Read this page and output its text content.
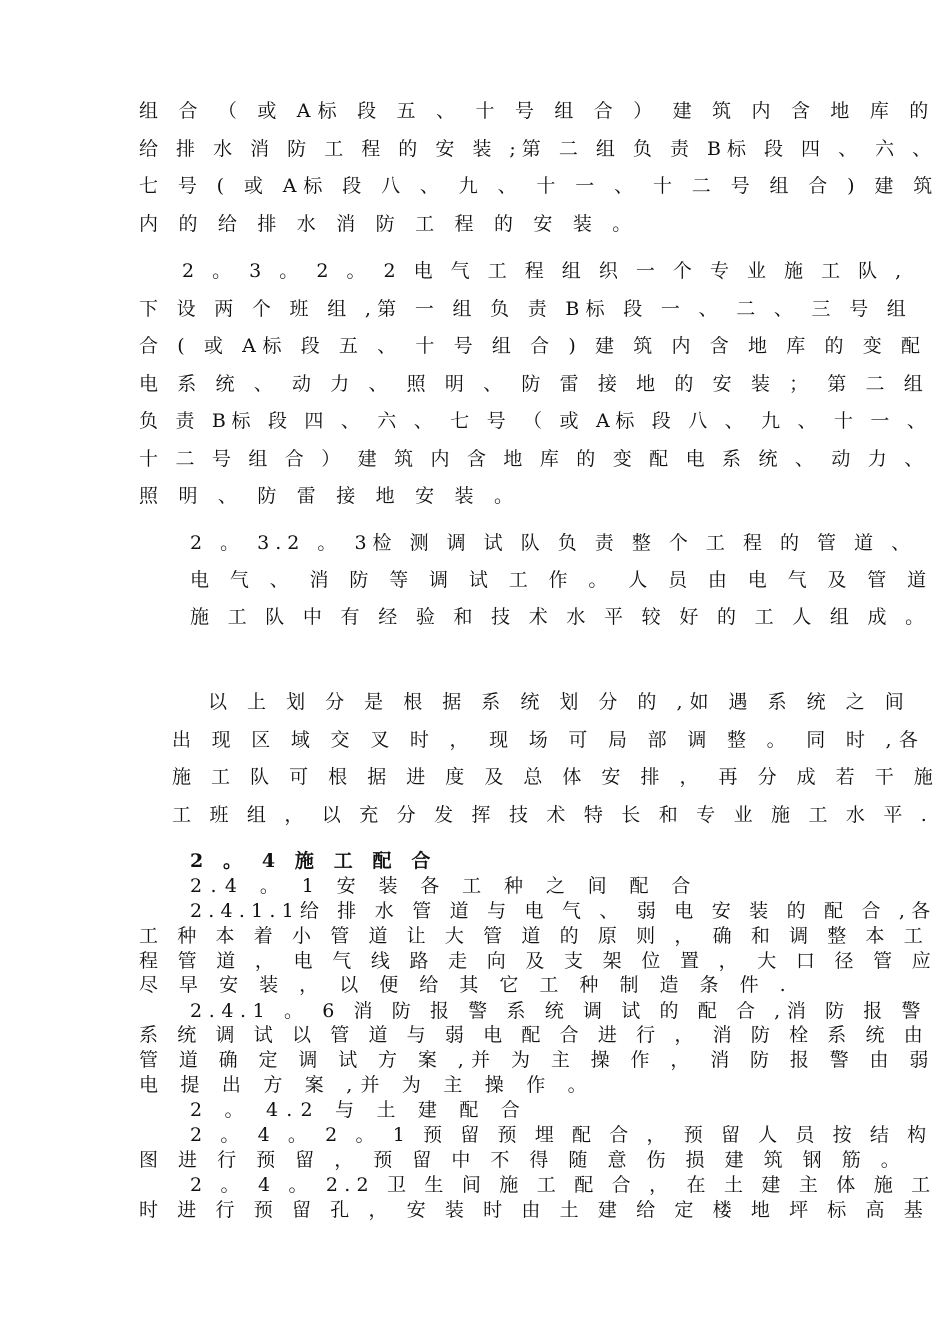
组 合 （ 或 A标 段 五 、 十 号 组 合 ） 建 筑 内 含 地 库 的
给 排 水 消 防 工 程 的 安 装 ;第 二 组 负 责 B标 段 四 、 六 、
七 号 ( 或 A标 段 八 、 九 、 十 一 、 十 二 号 组 合 ) 建 筑
内 的 给 排 水 消 防 工 程 的 安 装 。
2 。 3 。 2 。 2 电 气 工 程 组 织 一 个 专 业 施 工 队 ,
下 设 两 个 班 组 ,第 一 组 负 责 B标 段 一 、 二 、 三 号 组
合 ( 或 A标 段 五 、 十 号 组 合 ) 建 筑 内 含 地 库 的 变 配
电 系 统 、 动 力 、 照 明 、 防 雷 接 地 的 安 装 ； 第 二 组
负 责 B标 段 四 、 六 、 七 号 （ 或 A标 段 八 、 九 、 十 一 、
十 二 号 组 合 ） 建 筑 内 含 地 库 的 变 配 电 系 统 、 动 力 、
照 明 、 防 雷 接 地 安 装 。
2 。 3.2 。 3检 测 调 试 队 负 责 整 个 工 程 的 管 道 、
电 气 、 消 防 等 调 试 工 作 。 人 员 由 电 气 及 管 道
施 工 队 中 有 经 验 和 技 术 水 平 较 好 的 工 人 组 成 。
以 上 划 分 是 根 据 系 统 划 分 的 ,如 遇 系 统 之 间
出 现 区 域 交 叉 时 ， 现 场 可 局 部 调 整 。 同 时 ,各
施 工 队 可 根 据 进 度 及 总 体 安 排 ， 再 分 成 若 干 施
工 班 组 ， 以 充 分 发 挥 技 术 特 长 和 专 业 施 工 水 平 .
2 。 4 施 工 配 合
2.4 。 1 安 装 各 工 种 之 间 配 合
2.4.1.1给 排 水 管 道 与 电 气 、 弱 电 安 装 的 配 合 ,各
工 种 本 着 小 管 道 让 大 管 道 的 原 则 ， 确 和 调 整 本 工
程 管 道 ， 电 气 线 路 走 向 及 支 架 位 置 ， 大 口 径 管 应
尽 早 安 装 ， 以 便 给 其 它 工 种 制 造 条 件 .
2.4.1 。 6 消 防 报 警 系 统 调 试 的 配 合 ,消 防 报 警
系 统 调 试 以 管 道 与 弱 电 配 合 进 行 ， 消 防 栓 系 统 由
管 道 确 定 调 试 方 案 ,并 为 主 操 作 ， 消 防 报 警 由 弱
电 提 出 方 案 ,并 为 主 操 作 。
2 。 4.2 与 土 建 配 合
2 。 4 。 2 。 1 预 留 预 埋 配 合 ， 预 留 人 员 按 结 构
图 进 行 预 留 ， 预 留 中 不 得 随 意 伤 损 建 筑 钢 筋 。
2 。 4 。 2.2 卫 生 间 施 工 配 合 ， 在 土 建 主 体 施 工
时 进 行 预 留 孔 ， 安 装 时 由 土 建 给 定 楼 地 坪 标 高 基
